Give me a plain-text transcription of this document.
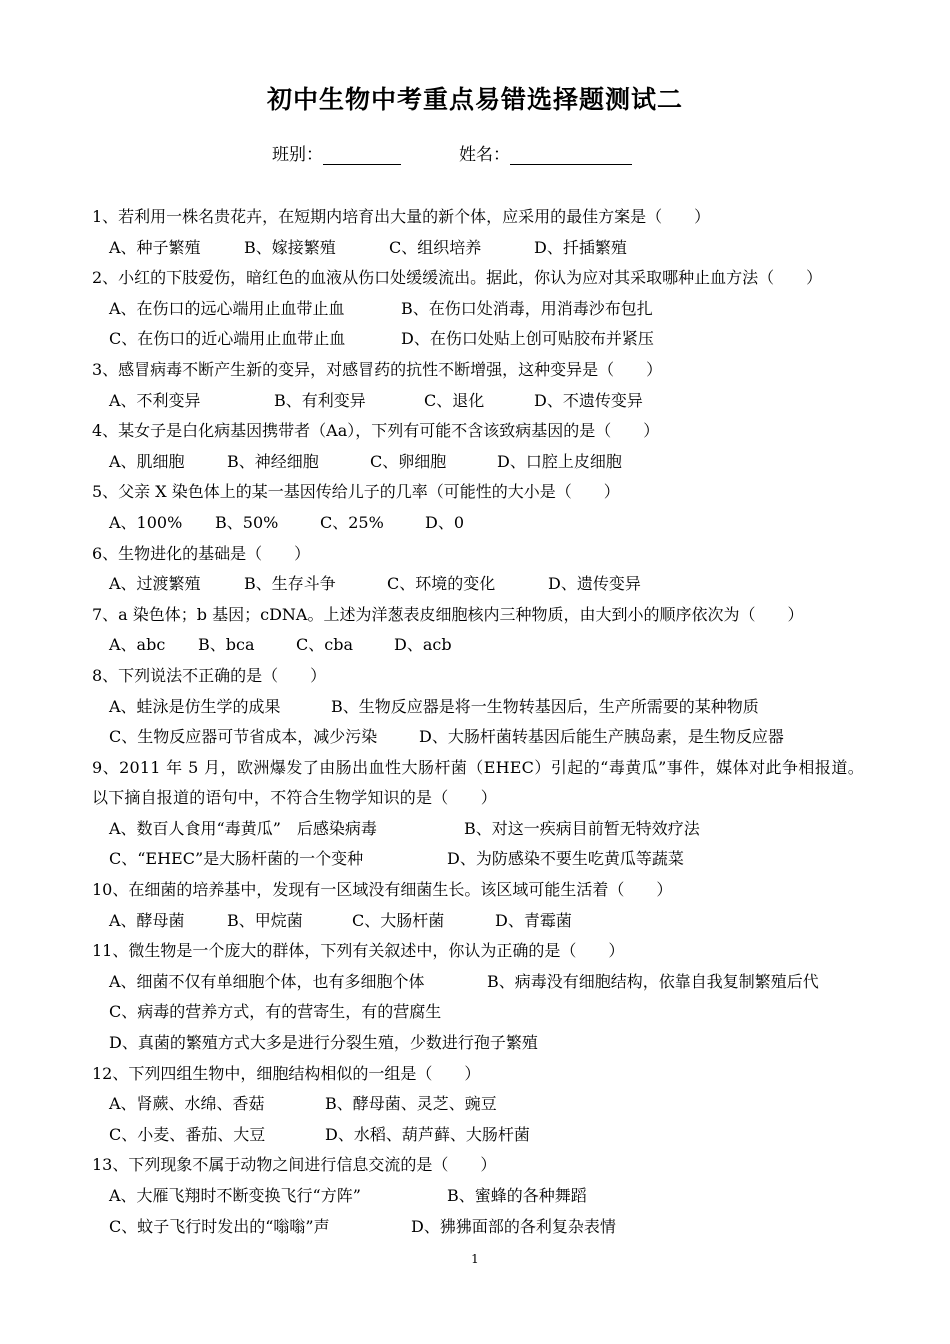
初中生物中考重点易错选择题测试二
班别：	姓名：
1、若利用一株名贵花卉，在短期内培育出大量的新个体，应采用的最佳方案是（　　）
A、种子繁殖	B、嫁接繁殖	C、组织培养	D、扦插繁殖
2、小红的下肢爱伤，暗红色的血液从伤口处缓缓流出。据此，你认为应对其采取哪种止血方法（　　）
A、在伤口的远心端用止血带止血	B、在伤口处消毒，用消毒沙布包扎
C、在伤口的近心端用止血带止血	D、在伤口处贴上创可贴胶布并紧压
3、感冒病毒不断产生新的变异，对感冒药的抗性不断增强，这种变异是（　　）
A、不利变异	B、有利变异	C、退化	D、不遗传变异
4、某女子是白化病基因携带者（Aa），下列有可能不含该致病基因的是（　　）
A、肌细胞	B、神经细胞	C、卵细胞	D、口腔上皮细胞
5、父亲 X 染色体上的某一基因传给儿子的几率（可能性的大小是（　　）
A、100%	B、50%	C、25%	D、0
6、生物进化的基础是（　　）
A、过渡繁殖	B、生存斗争	C、环境的变化	D、遗传变异
7、a 染色体；b 基因；cDNA。上述为洋葱表皮细胞核内三种物质，由大到小的顺序依次为（　　）
A、abc	B、bca	C、cba	D、acb
8、下列说法不正确的是（　　）
A、蛙泳是仿生学的成果	B、生物反应器是将一生物转基因后，生产所需要的某种物质
C、生物反应器可节省成本，减少污染	D、大肠杆菌转基因后能生产胰岛素，是生物反应器
9、2011 年 5 月，欧洲爆发了由肠出血性大肠杆菌（EHEC）引起的“毒黄瓜”事件，媒体对此争相报道。以下摘自报道的语句中，不符合生物学知识的是（　　）
A、数百人食用“毒黄瓜”　后感染病毒	B、对这一疾病目前暂无特效疗法
C、“EHEC”是大肠杆菌的一个变种	D、为防感染不要生吃黄瓜等蔬菜
10、在细菌的培养基中，发现有一区域没有细菌生长。该区域可能生活着（　　）
A、酵母菌	B、甲烷菌	C、大肠杆菌	D、青霉菌
11、微生物是一个庞大的群体，下列有关叙述中，你认为正确的是（　　）
A、细菌不仅有单细胞个体，也有多细胞个体	B、病毒没有细胞结构，依靠自我复制繁殖后代
C、病毒的营养方式，有的营寄生，有的营腐生
D、真菌的繁殖方式大多是进行分裂生殖，少数进行孢子繁殖
12、下列四组生物中，细胞结构相似的一组是（　　）
A、肾蕨、水绵、香菇	B、酵母菌、灵芝、豌豆
C、小麦、番茄、大豆	D、水稻、葫芦藓、大肠杆菌
13、下列现象不属于动物之间进行信息交流的是（　　）
A、大雁飞翔时不断变换飞行“方阵”	B、蜜蜂的各种舞蹈
C、蚊子飞行时发出的“嗡嗡”声	D、狒狒面部的各利复杂表情
1
